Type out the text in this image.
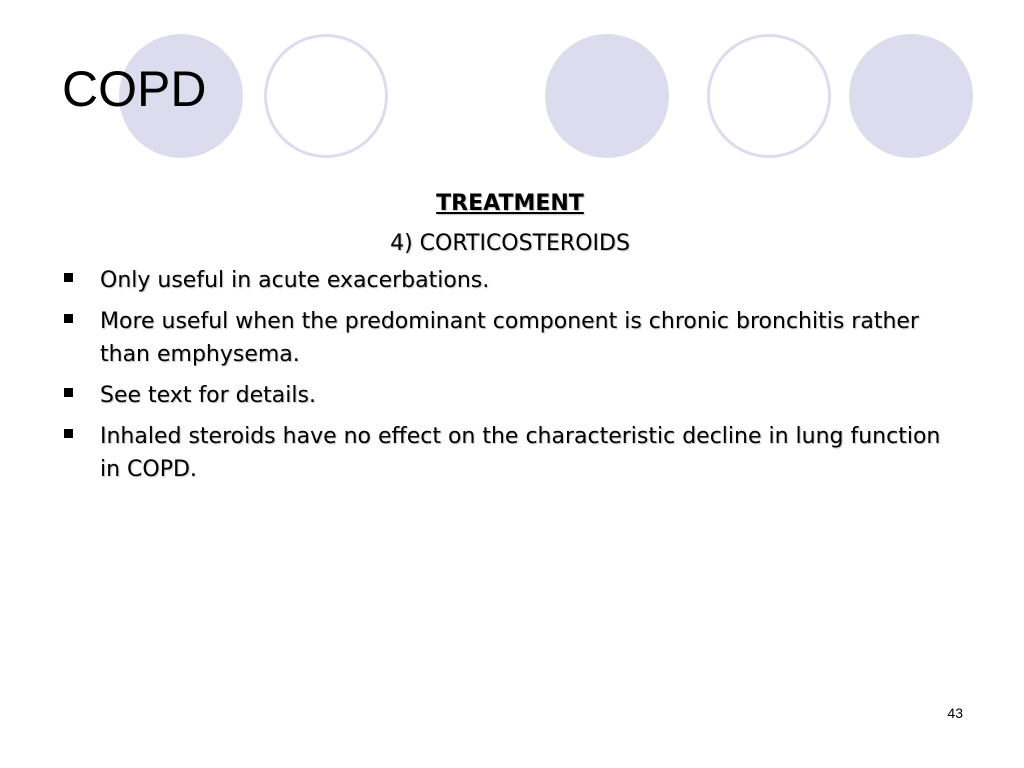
COPD

TREATMENT

4) CORTICOSTEROIDS

Only useful in acute exacerbations.
More useful when the predominant component is chronic bronchitis rather than emphysema.
See text for details.
Inhaled steroids have no effect on the characteristic decline in lung function in COPD.
43
